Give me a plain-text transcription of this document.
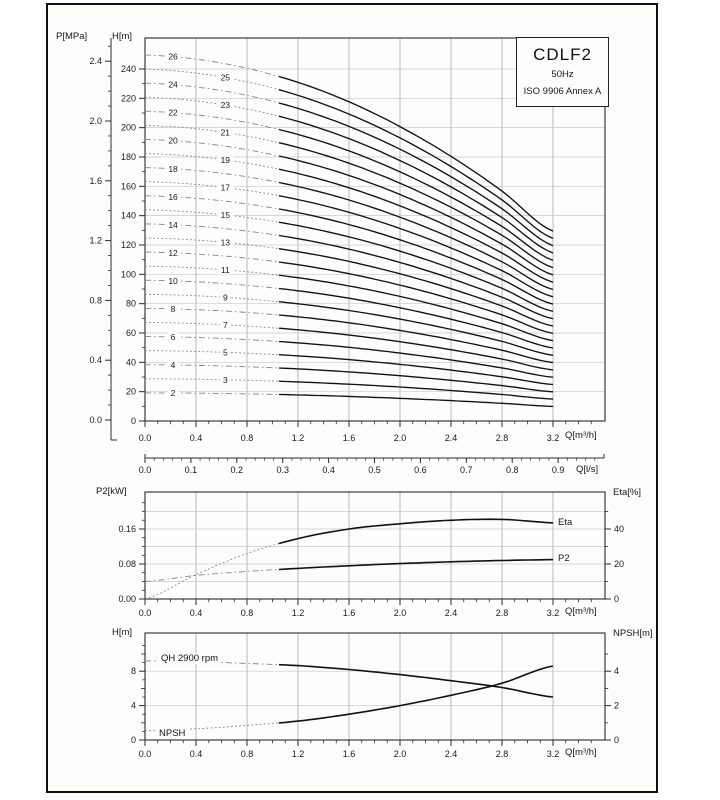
2
3
4
5
6
7
8
9
10
11
12
13
14
15
16
17
18
19
20
21
22
23
24
25
26
0
20
40
60
80
100
120
140
160
180
200
220
240
0.0
0.4
0.8
1.2
1.6
2.0
2.4
0.0	0.4	0.8	1.2	1.6	2.0	2.4	2.8	3.2
0.0	0.1	0.2	0.3	0.4	0.5	0.6	0.7	0.8	0.9
0.00
0.08
0.16
0
20
40
0.0	0.4	0.8	1.2	1.6	2.0	2.4	2.8	3.2
0
4
8
0
2
4
0.0	0.4	0.8	1.2	1.6	2.0	2.4	2.8	3.2
P[MPa]	H[m]
Q[m³/h]
Q[l/s]
P2[kW]	Eta[%]
Q[m³/h]
H[m]	NPSH[m]
Q[m³/h]
Eta
P2
QH 2900 rpm
NPSH
CDLF2
50Hz
ISO 9906 Annex A
